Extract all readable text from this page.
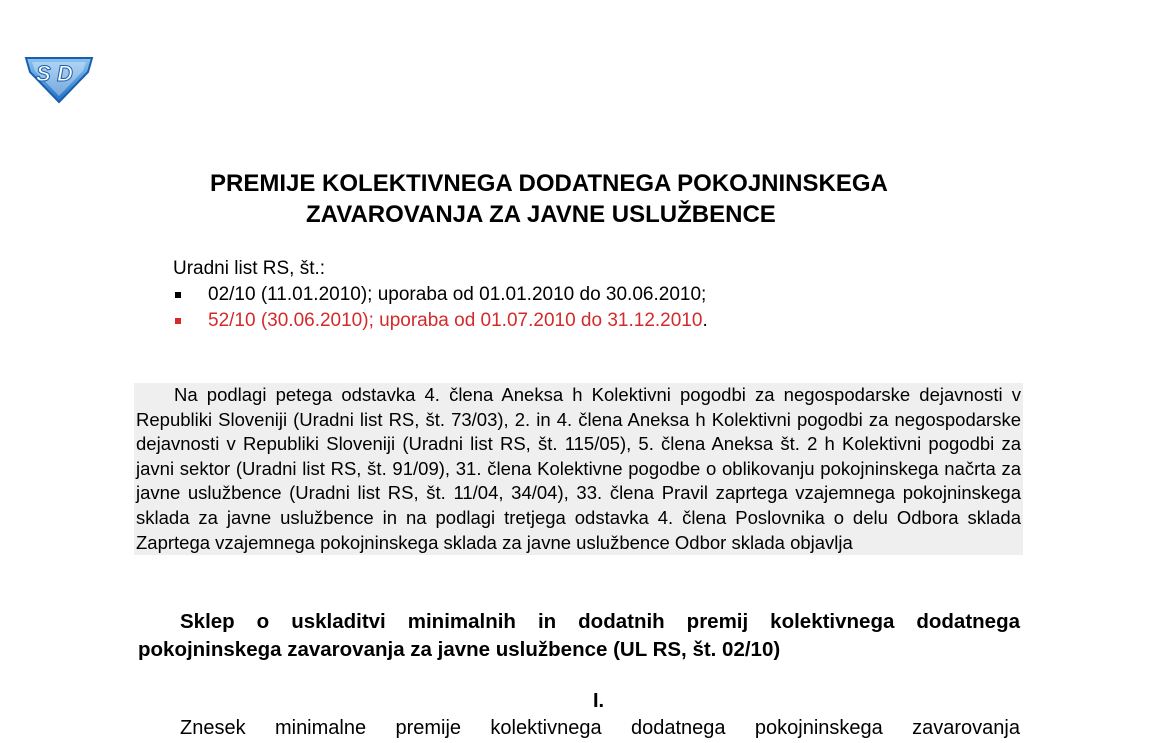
S D
PREMIJE KOLEKTIVNEGA DODATNEGA POKOJNINSKEGA
ZAVAROVANJA ZA JAVNE USLUŽBENCE
Uradni list RS, št.:
02/10 (11.01.2010); uporaba od 01.01.2010 do 30.06.2010;
52/10 (30.06.2010); uporaba od 01.07.2010 do 31.12.2010.
Na podlagi petega odstavka 4. člena Aneksa h Kolektivni pogodbi za negospodarske dejavnosti v Republiki Sloveniji (Uradni list RS, št. 73/03), 2. in 4. člena Aneksa h Kolektivni pogodbi za negospodarske dejavnosti v Republiki Sloveniji (Uradni list RS, št. 115/05), 5. člena Aneksa št. 2 h Kolektivni pogodbi za javni sektor (Uradni list RS, št. 91/09), 31. člena Kolektivne pogodbe o oblikovanju pokojninskega načrta za javne uslužbence (Uradni list RS, št. 11/04, 34/04), 33. člena Pravil zaprtega vzajemnega pokojninskega sklada za javne uslužbence in na podlagi tretjega odstavka 4. člena Poslovnika o delu Odbora sklada Zaprtega vzajemnega pokojninskega sklada za javne uslužbence Odbor sklada objavlja
Sklep o uskladitvi minimalnih in dodatnih premij kolektivnega dodatnega pokojninskega zavarovanja za javne uslužbence (UL RS, št. 02/10)
I.
Znesek minimalne premije kolektivnega dodatnega pokojninskega zavarovanja
